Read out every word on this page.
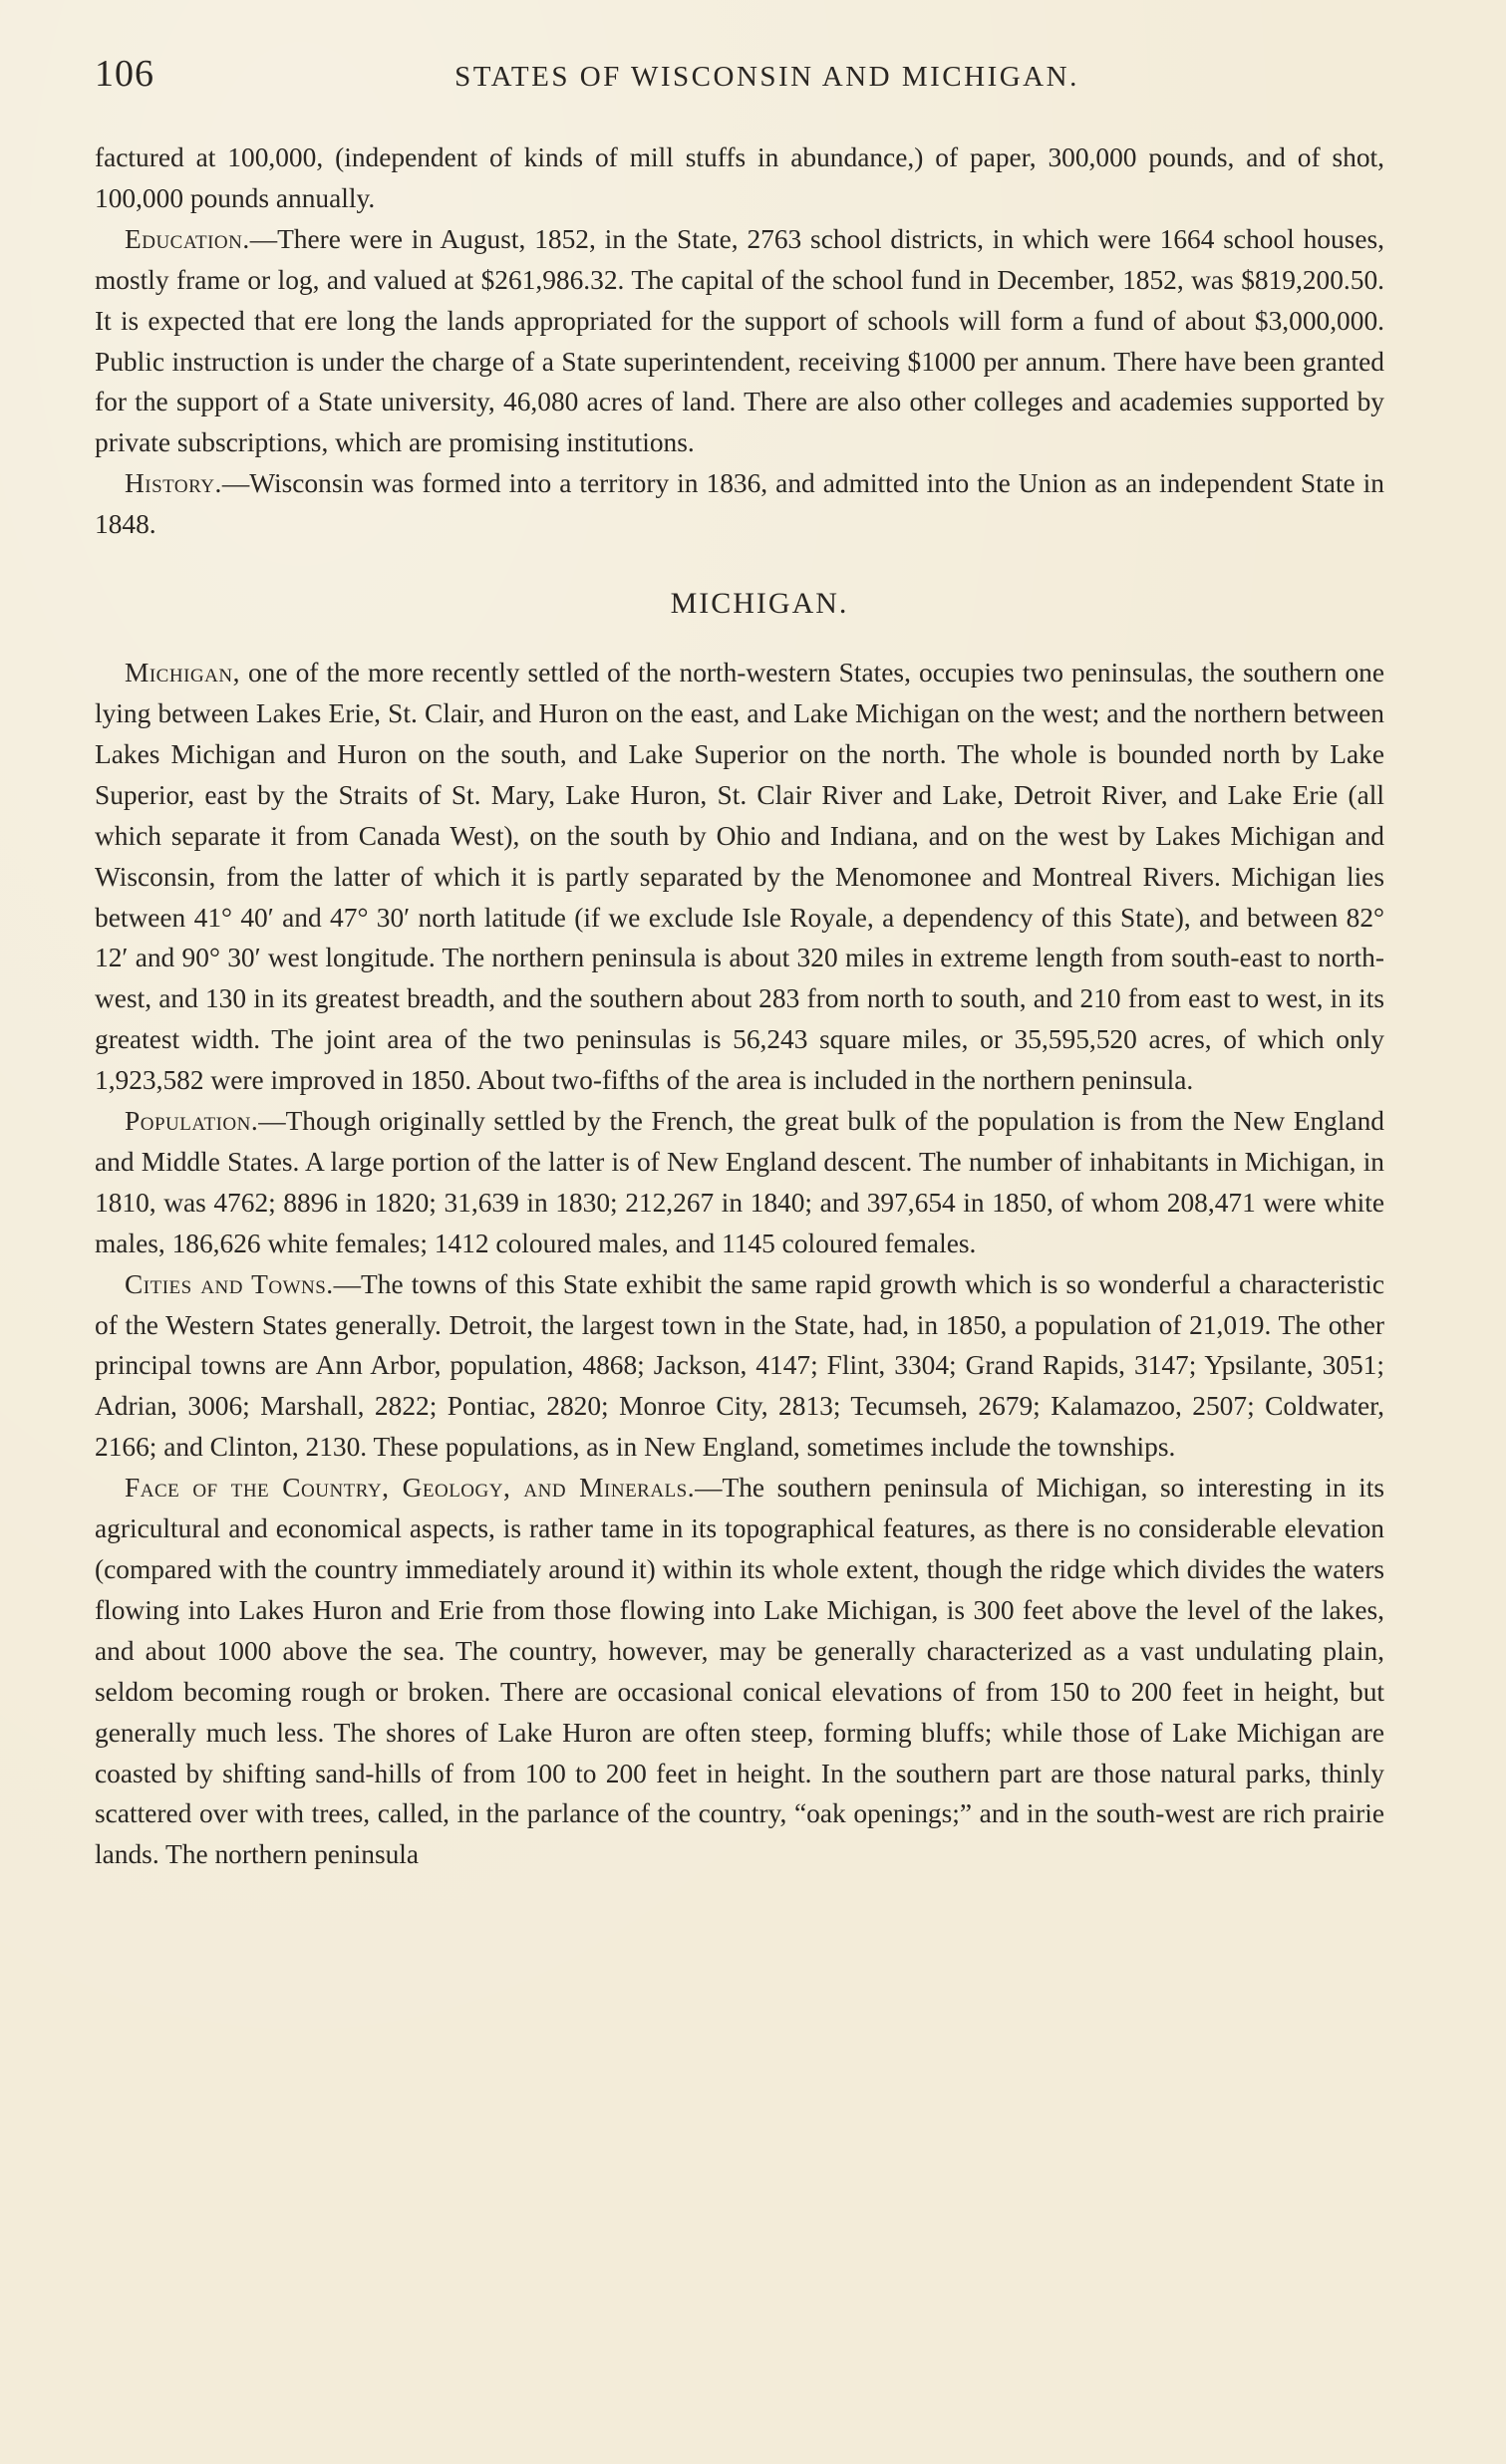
106	STATES OF WISCONSIN AND MICHIGAN.

factured at 100,000, (independent of kinds of mill stuffs in abundance,) of paper, 300,000 pounds, and of shot, 100,000 pounds annually.

Education.—There were in August, 1852, in the State, 2763 school districts, in which were 1664 school houses, mostly frame or log, and valued at $261,986.32. The capital of the school fund in December, 1852, was $819,200.50. It is expected that ere long the lands appropriated for the support of schools will form a fund of about $3,000,000. Public instruction is under the charge of a State superintendent, receiving $1000 per annum. There have been granted for the support of a State university, 46,080 acres of land. There are also other colleges and academies supported by private subscriptions, which are promising institutions.

History.—Wisconsin was formed into a territory in 1836, and admitted into the Union as an independent State in 1848.

MICHIGAN.

Michigan, one of the more recently settled of the north-western States, occupies two peninsulas, the southern one lying between Lakes Erie, St. Clair, and Huron on the east, and Lake Michigan on the west; and the northern between Lakes Michigan and Huron on the south, and Lake Superior on the north. The whole is bounded north by Lake Superior, east by the Straits of St. Mary, Lake Huron, St. Clair River and Lake, Detroit River, and Lake Erie (all which separate it from Canada West), on the south by Ohio and Indiana, and on the west by Lakes Michigan and Wisconsin, from the latter of which it is partly separated by the Menomonee and Montreal Rivers. Michigan lies between 41° 40′ and 47° 30′ north latitude (if we exclude Isle Royale, a dependency of this State), and between 82° 12′ and 90° 30′ west longitude. The northern peninsula is about 320 miles in extreme length from south-east to north-west, and 130 in its greatest breadth, and the southern about 283 from north to south, and 210 from east to west, in its greatest width. The joint area of the two peninsulas is 56,243 square miles, or 35,595,520 acres, of which only 1,923,582 were improved in 1850. About two-fifths of the area is included in the northern peninsula.

Population.—Though originally settled by the French, the great bulk of the population is from the New England and Middle States. A large portion of the latter is of New England descent. The number of inhabitants in Michigan, in 1810, was 4762; 8896 in 1820; 31,639 in 1830; 212,267 in 1840; and 397,654 in 1850, of whom 208,471 were white males, 186,626 white females; 1412 coloured males, and 1145 coloured females.

Cities and Towns.—The towns of this State exhibit the same rapid growth which is so wonderful a characteristic of the Western States generally. Detroit, the largest town in the State, had, in 1850, a population of 21,019. The other principal towns are Ann Arbor, population, 4868; Jackson, 4147; Flint, 3304; Grand Rapids, 3147; Ypsilante, 3051; Adrian, 3006; Marshall, 2822; Pontiac, 2820; Monroe City, 2813; Tecumseh, 2679; Kalamazoo, 2507; Coldwater, 2166; and Clinton, 2130. These populations, as in New England, sometimes include the townships.

Face of the Country, Geology, and Minerals.—The southern peninsula of Michigan, so interesting in its agricultural and economical aspects, is rather tame in its topographical features, as there is no considerable elevation (compared with the country immediately around it) within its whole extent, though the ridge which divides the waters flowing into Lakes Huron and Erie from those flowing into Lake Michigan, is 300 feet above the level of the lakes, and about 1000 above the sea. The country, however, may be generally characterized as a vast undulating plain, seldom becoming rough or broken. There are occasional conical elevations of from 150 to 200 feet in height, but generally much less. The shores of Lake Huron are often steep, forming bluffs; while those of Lake Michigan are coasted by shifting sand-hills of from 100 to 200 feet in height. In the southern part are those natural parks, thinly scattered over with trees, called, in the parlance of the country, “oak openings;” and in the south-west are rich prairie lands. The northern peninsula
